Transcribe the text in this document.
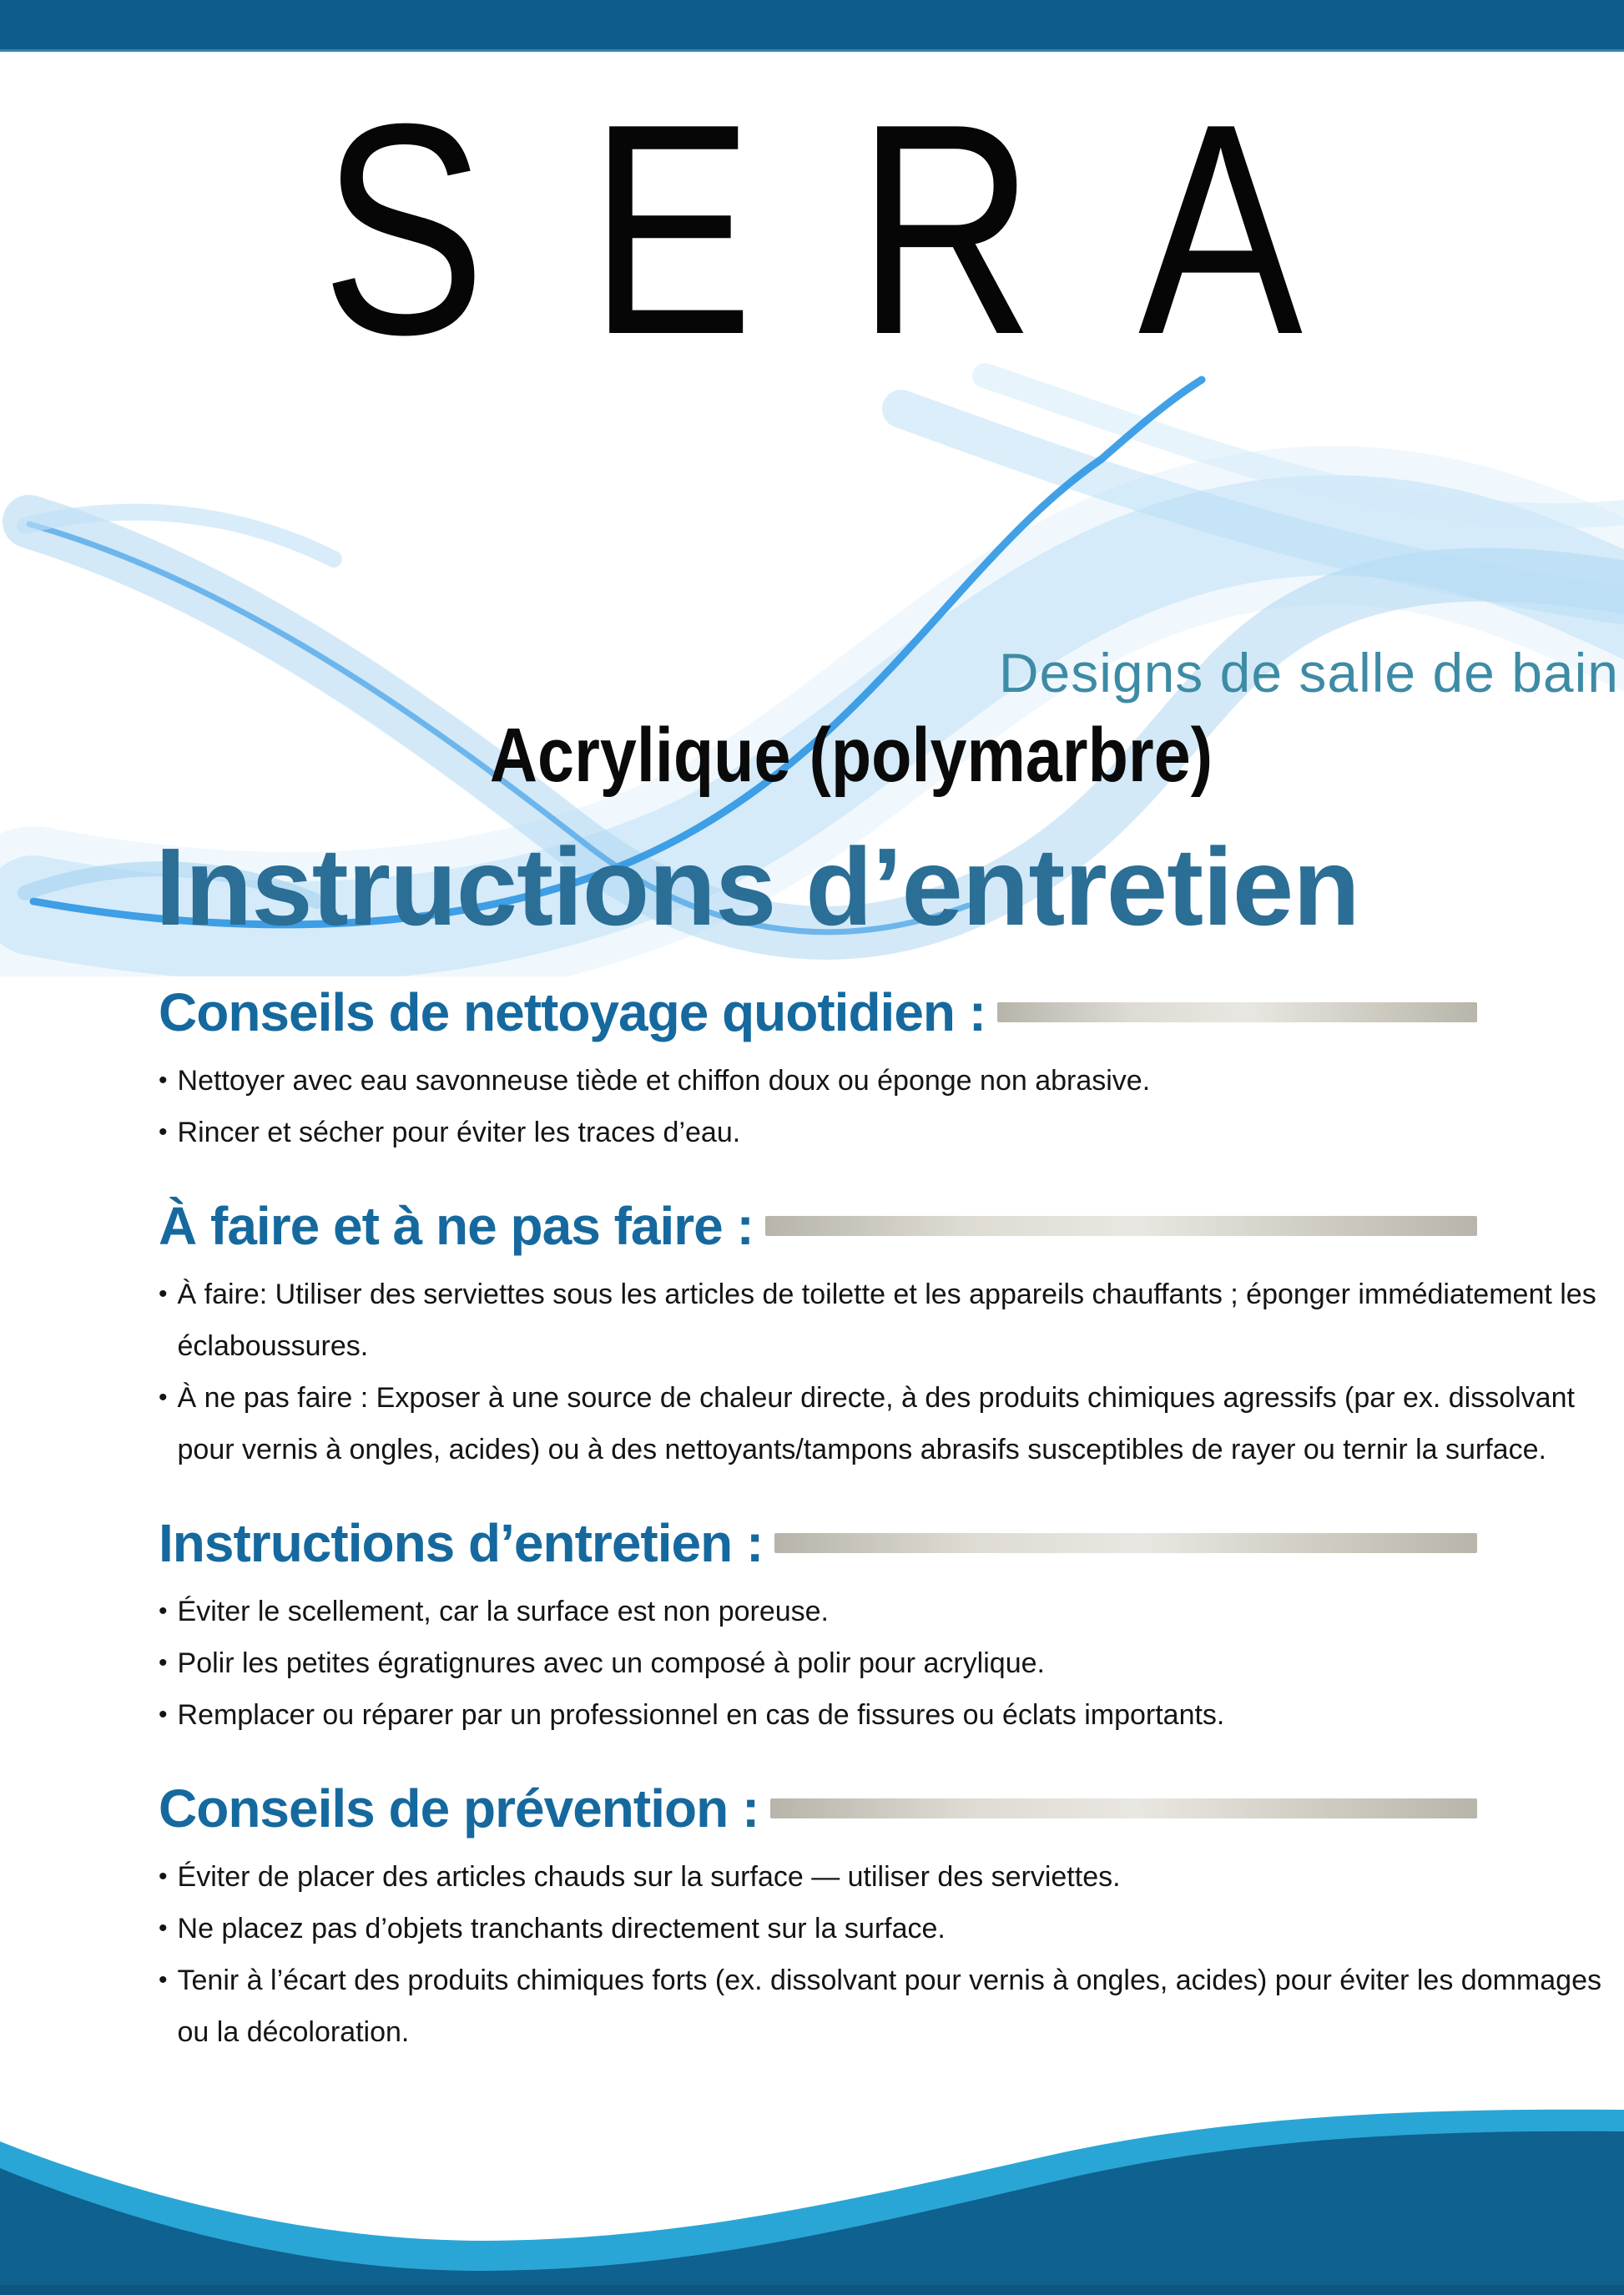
SERA
Designs de salle de bain
Acrylique (polymarbre)
Instructions d’entretien
Conseils de nettoyage quotidien :
• Nettoyer avec eau savonneuse tiède et chiffon doux ou éponge non abrasive.
• Rincer et sécher pour éviter les traces d’eau.
À faire et à ne pas faire :
• À faire: Utiliser des serviettes sous les articles de toilette et les appareils chauffants ; éponger immédiatement les éclaboussures.
• À ne pas faire : Exposer à une source de chaleur directe, à des produits chimiques agressifs (par ex. dissolvant pour vernis à ongles, acides) ou à des nettoyants/tampons abrasifs susceptibles de rayer ou ternir la surface.
Instructions d’entretien :
• Éviter le scellement, car la surface est non poreuse.
• Polir les petites égratignures avec un composé à polir pour acrylique.
• Remplacer ou réparer par un professionnel en cas de fissures ou éclats importants.
Conseils de prévention :
• Éviter de placer des articles chauds sur la surface — utiliser des serviettes.
• Ne placez pas d’objets tranchants directement sur la surface.
• Tenir à l’écart des produits chimiques forts (ex. dissolvant pour vernis à ongles, acides) pour éviter les dommages ou la décoloration.
